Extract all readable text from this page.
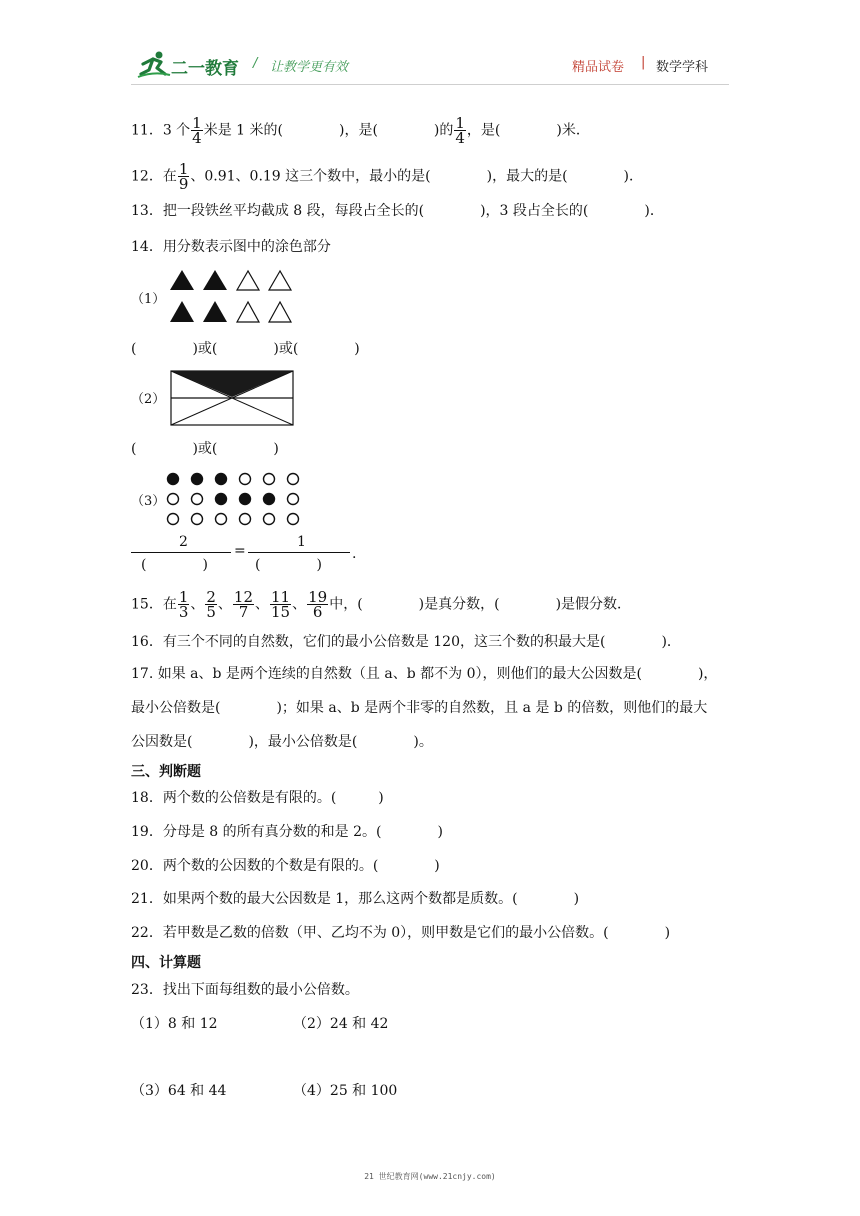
二一教育 / 让教学更有效	精品试卷 | 数学学科
11．3 个 $\frac{1}{4}$ 米是 1 米的(　　　　)，是(　　　　)的 $\frac{1}{4}$ ，是(　　　　)米．
12．在 $\frac{1}{9}$ 、0.91、0.19 这三个数中，最小的是(　　　　)，最大的是(　　　　)．
13．把一段铁丝平均截成 8 段，每段占全长的(　　　　)，3 段占全长的(　　　　)．
14．用分数表示图中的涂色部分
（1）
(　　　　)或(　　　　)或(　　　　)
（2）
(　　　　)或(　　　　)
（3）
2
(　　　　)
=
1
(　　　　)
.
15．在 $\frac{1}{3}$ 、 $\frac{2}{5}$ 、 $\frac{12}{7}$ 、 $\frac{11}{15}$ 、 $\frac{19}{6}$ 中，(　　　　)是真分数，(　　　　)是假分数．
16．有三个不同的自然数，它们的最小公倍数是 120，这三个数的积最大是(　　　　)．
17. 如果 a、b 是两个连续的自然数（且 a、b 都不为 0），则他们的最大公因数是(　　　　)，
最小公倍数是(　　　　)；如果 a、b 是两个非零的自然数，且 a 是 b 的倍数，则他们的最大
公因数是(　　　　)，最小公倍数是(　　　　)。
三、判断题
18．两个数的公倍数是有限的。(　　　)
19．分母是 8 的所有真分数的和是 2。(　　　　)
20．两个数的公因数的个数是有限的。(　　　　)
21．如果两个数的最大公因数是 1，那么这两个数都是质数。(　　　　)
22．若甲数是乙数的倍数（甲、乙均不为 0），则甲数是它们的最小公倍数。(　　　　)
四、计算题
23．找出下面每组数的最小公倍数。
（1）8 和 12	（2）24 和 42
（3）64 和 44	（4）25 和 100
21 世纪教育网(www.21cnjy.com)
